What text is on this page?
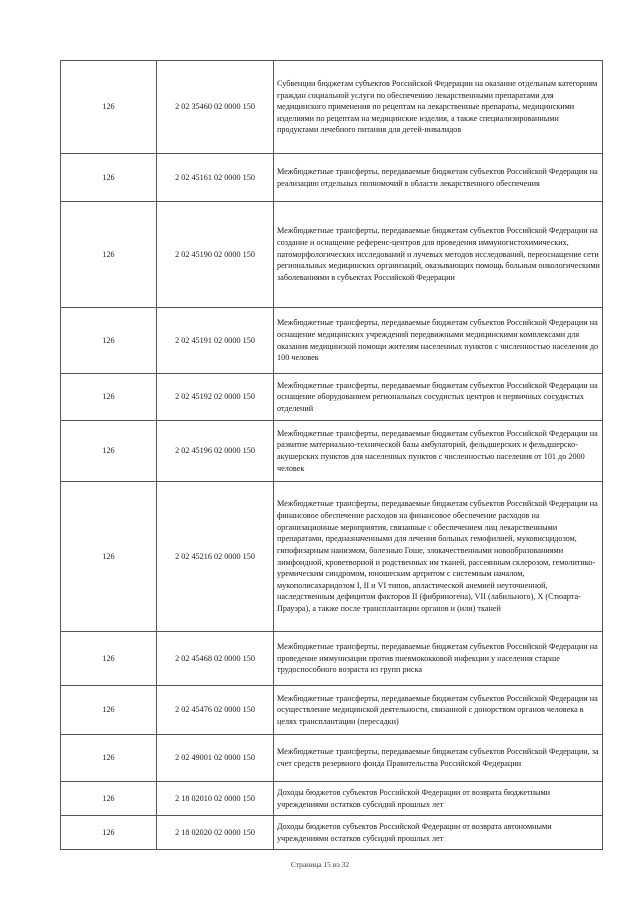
126	2 02 35460 02 0000 150	Субвенции бюджетам субъектов Российской Федерации на оказание отдельным категориям граждан социальной услуги по обеспечению лекарственными препаратами для медицинского применения по рецептам на лекарственные препараты, медицинскими изделиями по рецептам на медицинские изделия, а также специализированными продуктами лечебного питания для детей-инвалидов
126	2 02 45161 02 0000 150	Межбюджетные трансферты, передаваемые бюджетам субъектов Российской Федерации на реализацию отдельных полномочий в области лекарственного обеспечения
126	2 02 45190 02 0000 150	Межбюджетные трансферты, передаваемые бюджетам субъектов Российской Федерации на создание и оснащение референс-центров для проведения иммуногистохимических, патоморфологических исследований и лучевых методов исследований, переоснащение сети региональных медицинских организаций, оказывающих помощь больным онкологическими заболеваниями в субъектах Российской Федерации
126	2 02 45191 02 0000 150	Межбюджетные трансферты, передаваемые бюджетам субъектов Российской Федерации на оснащение медицинских учреждений передвижными медицинскими комплексами для оказания медицинской помощи жителям населенных пунктов с численностью населения до 100 человек
126	2 02 45192 02 0000 150	Межбюджетные трансферты, передаваемые бюджетам субъектов Российской Федерации на оснащение оборудованием региональных сосудистых центров и первичных сосудистых отделений
126	2 02 45196 02 0000 150	Межбюджетные трансферты, передаваемые бюджетам субъектов Российской Федерации на развитие материально-технической базы амбулаторий, фельдшерских и фельдшерско-акушерских пунктов для населенных пунктов с численностью населения от 101 до 2000 человек
126	2 02 45216 02 0000 150	Межбюджетные трансферты, передаваемые бюджетам субъектов Российской Федерации на финансовое обеспечение расходов на финансовое обеспечение расходов на организационные мероприятия, связанные с обеспечением лиц лекарственными препаратами, предназначенными для лечения больных гемофилией, муковисцидозом, гипофизарным нанизмом, болезнью Гоше, злокачественными новообразованиями лимфоидной, кроветворной и родственных им тканей, рассеянным склерозом, гемолитико-уремическим синдромом, юношеским артритом с системным началом, мукополисахаридозом I, II и VI типов, апластической анемией неуточненной, наследственным дефицитом факторов II (фибриногена), VII (лабильного), X (Стюарта-Прауэра), а также после трансплантации органов и (или) тканей
126	2 02 45468 02 0000 150	Межбюджетные трансферты, передаваемые бюджетам субъектов Российской Федерации на проведение иммунизации против пневмококковой инфекции у населения старше трудоспособного возраста из групп риска
126	2 02 45476 02 0000 150	Межбюджетные трансферты, передаваемые бюджетам субъектов Российской Федерации на осуществление медицинской деятельности, связанной с донорством органов человека в целях трансплантации (пересадки)
126	2 02 49001 02 0000 150	Межбюджетные трансферты, передаваемые бюджетам субъектов Российской Федерации, за счет средств резервного фонда Правительства Российской Федерации
126	2 18 02010 02 0000 150	Доходы бюджетов субъектов Российской Федерации от возврата бюджетными учреждениями остатков субсидий прошлых лет
126	2 18 02020 02 0000 150	Доходы бюджетов субъектов Российской Федерации от возврата автономными учреждениями остатков субсидий прошлых лет
Страница 15 из 32
